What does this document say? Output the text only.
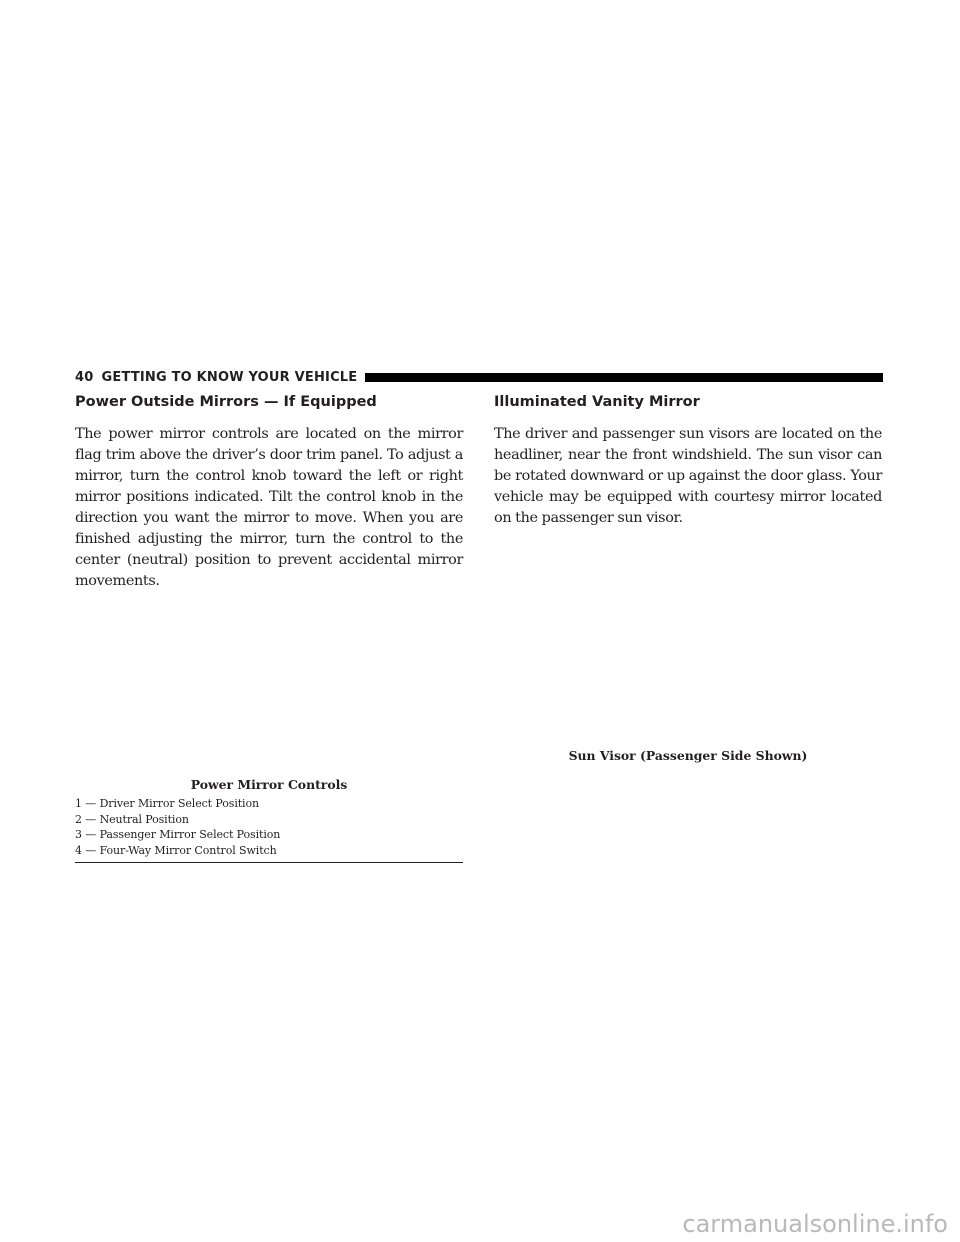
40 GETTING TO KNOW YOUR VEHICLE
Power Outside Mirrors — If Equipped

The power mirror controls are located on the mirror flag trim above the driver’s door trim panel. To adjust a mirror, turn the control knob toward the left or right mirror positions indicated. Tilt the control knob in the direction you want the mirror to move. When you are finished adjusting the mirror, turn the control to the center (neutral) position to prevent accidental mirror movements.

Power Mirror Controls
1 — Driver Mirror Select Position
2 — Neutral Position
3 — Passenger Mirror Select Position
4 — Four-Way Mirror Control Switch
Illuminated Vanity Mirror

The driver and passenger sun visors are located on the headliner, near the front windshield. The sun visor can be rotated downward or up against the door glass. Your vehicle may be equipped with courtesy mirror located on the passenger sun visor.

Sun Visor (Passenger Side Shown)
carmanualsonline.info
